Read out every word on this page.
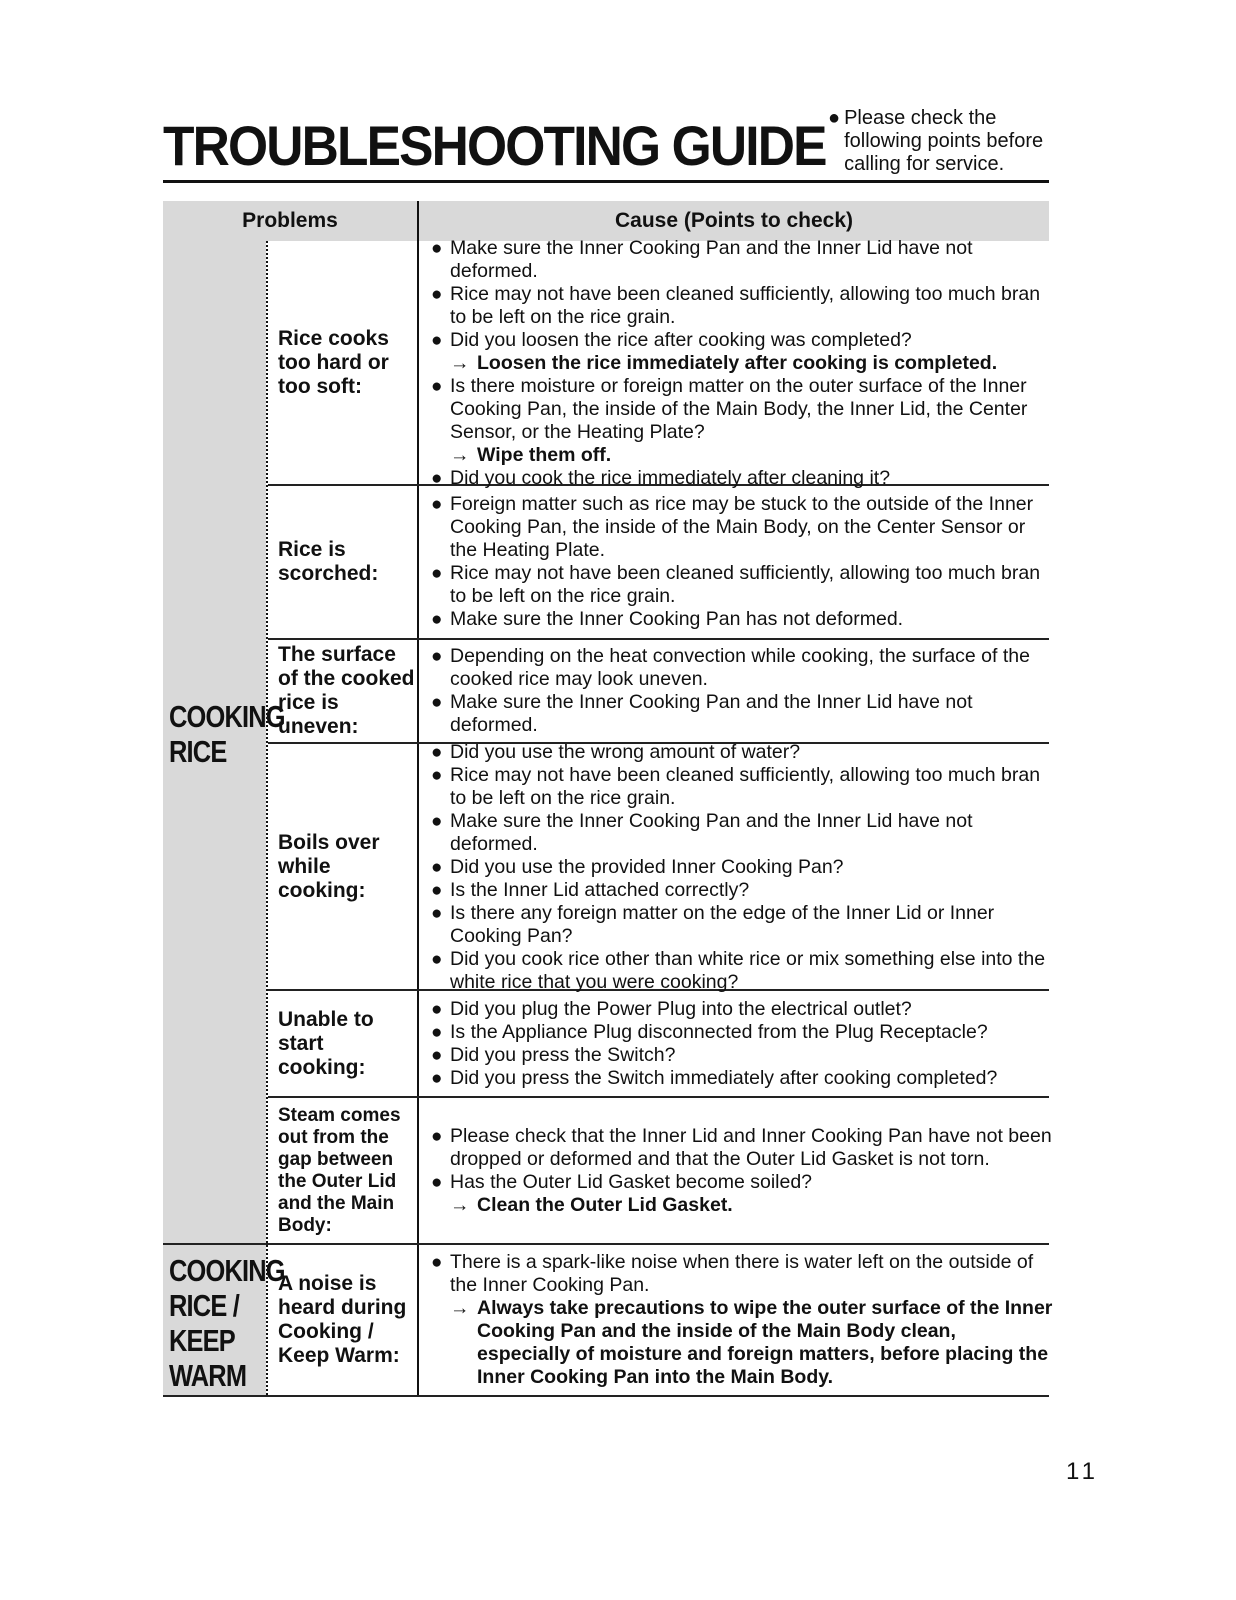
TROUBLESHOOTING GUIDE ● Please check the following points before calling for service.
Problems	Cause (Points to check)
COOKING
RICE
COOKING
RICE /
KEEP
WARM
Rice cooks too hard or too soft:
● Make sure the Inner Cooking Pan and the Inner Lid have not deformed.
● Rice may not have been cleaned sufficiently, allowing too much bran to be left on the rice grain.
● Did you loosen the rice after cooking was completed?
→ Loosen the rice immediately after cooking is completed.
● Is there moisture or foreign matter on the outer surface of the Inner Cooking Pan, the inside of the Main Body, the Inner Lid, the Center Sensor, or the Heating Plate?
→ Wipe them off.
● Did you cook the rice immediately after cleaning it?
Rice is scorched:
● Foreign matter such as rice may be stuck to the outside of the Inner Cooking Pan, the inside of the Main Body, on the Center Sensor or the Heating Plate.
● Rice may not have been cleaned sufficiently, allowing too much bran to be left on the rice grain.
● Make sure the Inner Cooking Pan has not deformed.
The surface of the cooked rice is uneven:
● Depending on the heat convection while cooking, the surface of the cooked rice may look uneven.
● Make sure the Inner Cooking Pan and the Inner Lid have not deformed.
Boils over while cooking:
● Did you use the wrong amount of water?
● Rice may not have been cleaned sufficiently, allowing too much bran to be left on the rice grain.
● Make sure the Inner Cooking Pan and the Inner Lid have not deformed.
● Did you use the provided Inner Cooking Pan?
● Is the Inner Lid attached correctly?
● Is there any foreign matter on the edge of the Inner Lid or Inner Cooking Pan?
● Did you cook rice other than white rice or mix something else into the white rice that you were cooking?
Unable to start cooking:
● Did you plug the Power Plug into the electrical outlet?
● Is the Appliance Plug disconnected from the Plug Receptacle?
● Did you press the Switch?
● Did you press the Switch immediately after cooking completed?
Steam comes out from the gap between the Outer Lid and the Main Body:
● Please check that the Inner Lid and Inner Cooking Pan have not been dropped or deformed and that the Outer Lid Gasket is not torn.
● Has the Outer Lid Gasket become soiled?
→ Clean the Outer Lid Gasket.
A noise is heard during Cooking / Keep Warm:
● There is a spark-like noise when there is water left on the outside of the Inner Cooking Pan.
→ Always take precautions to wipe the outer surface of the Inner Cooking Pan and the inside of the Main Body clean, especially of moisture and foreign matters, before placing the Inner Cooking Pan into the Main Body.
11
